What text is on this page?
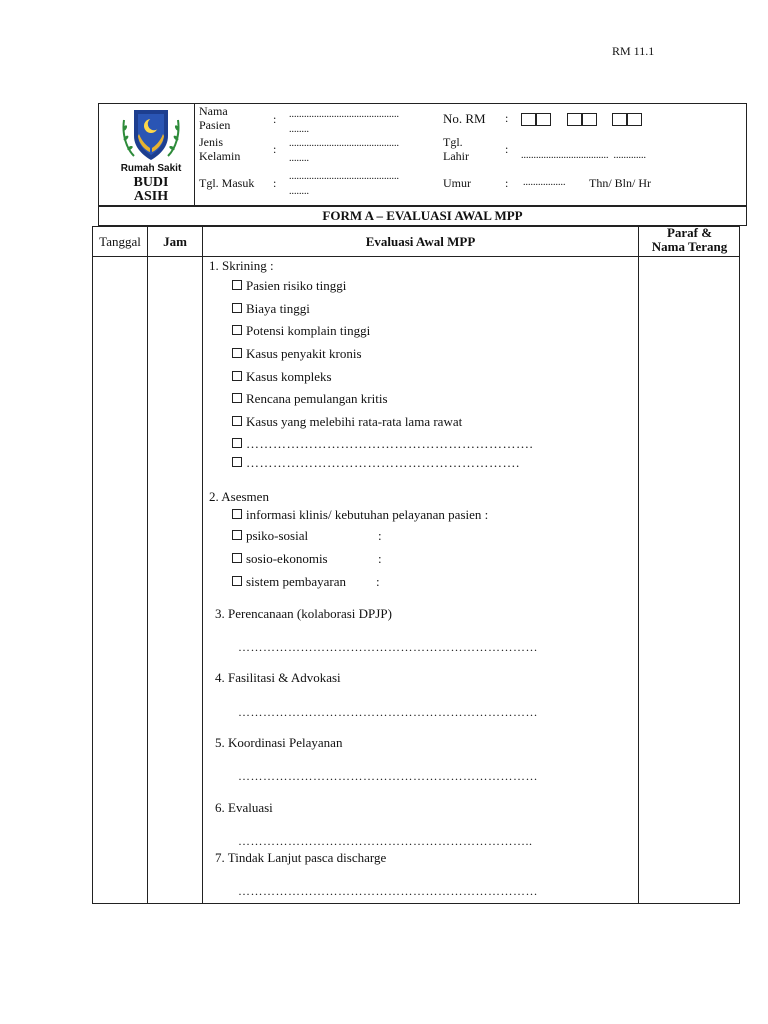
RM 11.1
Rumah Sakit
BUDI
ASIH
Nama
Pasien	: ............................................
........
Jenis
Kelamin	: ............................................
........
Tgl. Masuk : ............................................
........
No. RM :

Tgl.
Lahir	: ...................................  .............
Umur	: ................. Thn/ Bln/ Hr
FORM A – EVALUASI AWAL MPP
Tanggal	Jam	Evaluasi Awal MPP
Paraf &
Nama Terang
1. Skrining :
Pasien risiko tinggi
Biaya tinggi
Potensi komplain tinggi
Kasus penyakit kronis
Kasus kompleks
Rencana pemulangan kritis
Kasus yang melebihi rata-rata lama rawat
……………………………………………………….
…………………………………………………….
2. Asesmen
informasi klinis/ kebutuhan pelayanan pasien :
psiko-sosial	:
sosio-ekonomis	:
sistem pembayaran :
3. Perencanaan (kolaborasi DPJP)
………………………………………………………………
4. Fasilitasi & Advokasi
………………………………………………………………
5. Koordinasi Pelayanan
………………………………………………………………
6. Evaluasi
……………………………………………………………..
7. Tindak Lanjut pasca discharge
………………………………………………………………
